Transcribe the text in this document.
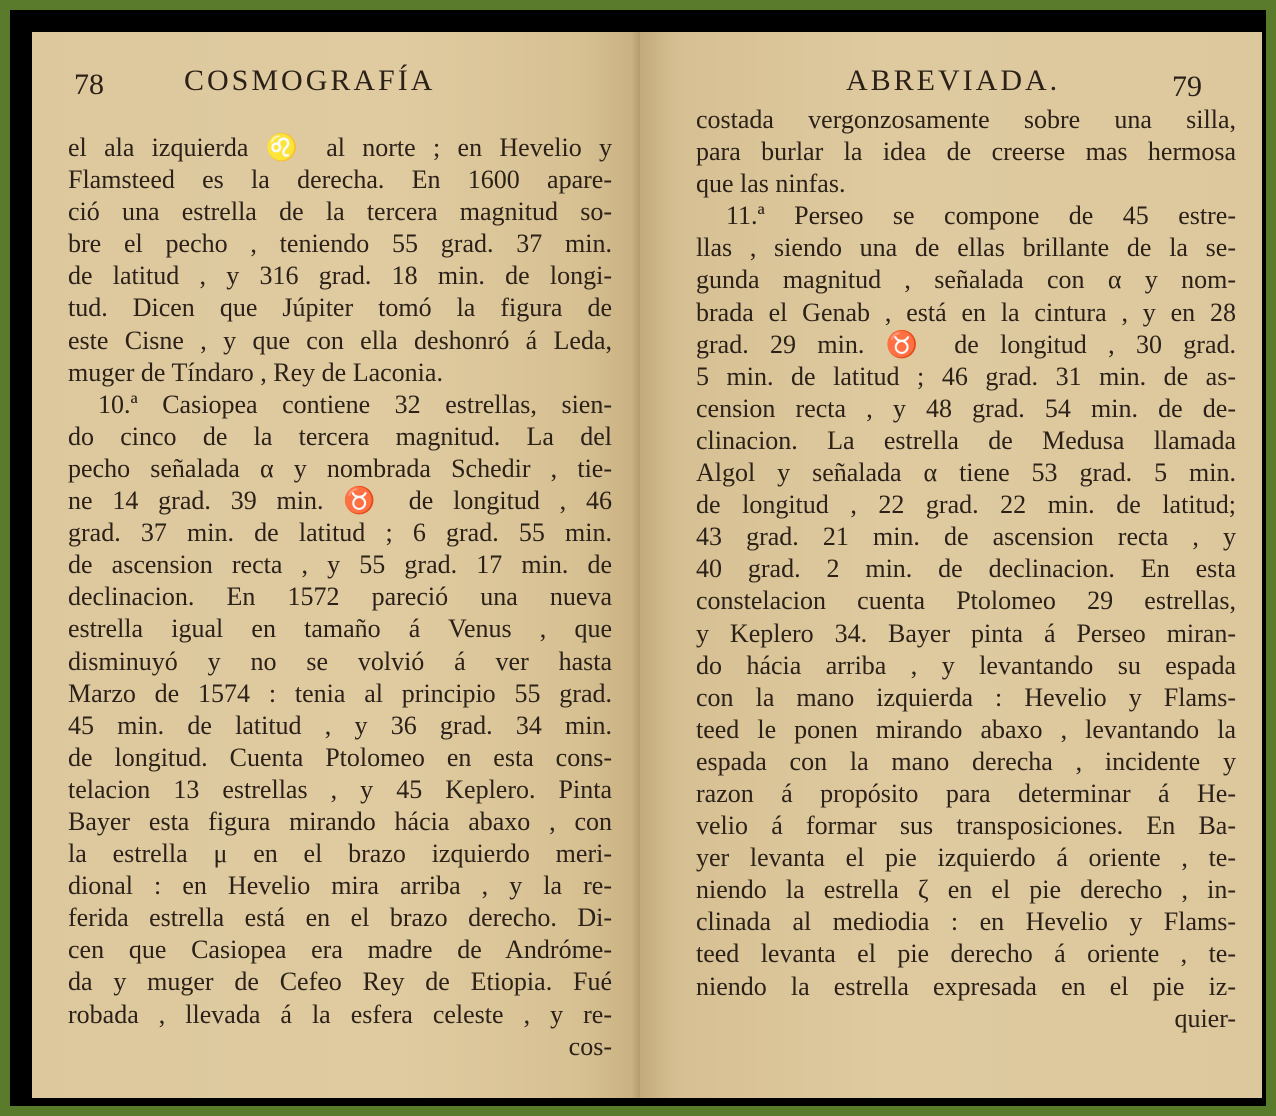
78	COSMOGRAFÍA
el ala izquierda ♌ al norte ; en Hevelio y
Flamsteed es la derecha. En 1600 apare-
ció una estrella de la tercera magnitud so-
bre el pecho , teniendo 55 grad. 37 min.
de latitud , y 316 grad. 18 min. de longi-
tud. Dicen que Júpiter tomó la figura de
este Cisne , y que con ella deshonró á Leda,
muger de Tíndaro , Rey de Laconia.
10.ª Casiopea contiene 32 estrellas, sien-
do cinco de la tercera magnitud. La del
pecho señalada α y nombrada Schedir , tie-
ne 14 grad. 39 min. ♉ de longitud , 46
grad. 37 min. de latitud ; 6 grad. 55 min.
de ascension recta , y 55 grad. 17 min. de
declinacion. En 1572 pareció una nueva
estrella igual en tamaño á Venus , que
disminuyó y no se volvió á ver hasta
Marzo de 1574 : tenia al principio 55 grad.
45 min. de latitud , y 36 grad. 34 min.
de longitud. Cuenta Ptolomeo en esta cons-
telacion 13 estrellas , y 45 Keplero. Pinta
Bayer esta figura mirando hácia abaxo , con
la estrella μ en el brazo izquierdo meri-
dional : en Hevelio mira arriba , y la re-
ferida estrella está en el brazo derecho. Di-
cen que Casiopea era madre de Andróme-
da y muger de Cefeo Rey de Etiopia. Fué
robada , llevada á la esfera celeste , y re-
cos-
ABREVIADA.	79
costada vergonzosamente sobre una silla,
para burlar la idea de creerse mas hermosa
que las ninfas.
11.ª Perseo se compone de 45 estre-
llas , siendo una de ellas brillante de la se-
gunda magnitud , señalada con α y nom-
brada el Genab , está en la cintura , y en 28
grad. 29 min. ♉ de longitud , 30 grad.
5 min. de latitud ; 46 grad. 31 min. de as-
cension recta , y 48 grad. 54 min. de de-
clinacion. La estrella de Medusa llamada
Algol y señalada α tiene 53 grad. 5 min.
de longitud , 22 grad. 22 min. de latitud;
43 grad. 21 min. de ascension recta , y
40 grad. 2 min. de declinacion. En esta
constelacion cuenta Ptolomeo 29 estrellas,
y Keplero 34. Bayer pinta á Perseo miran-
do hácia arriba , y levantando su espada
con la mano izquierda : Hevelio y Flams-
teed le ponen mirando abaxo , levantando la
espada con la mano derecha , incidente y
razon á propósito para determinar á He-
velio á formar sus transposiciones. En Ba-
yer levanta el pie izquierdo á oriente , te-
niendo la estrella ζ en el pie derecho , in-
clinada al mediodia : en Hevelio y Flams-
teed levanta el pie derecho á oriente , te-
niendo la estrella expresada en el pie iz-
quier-
